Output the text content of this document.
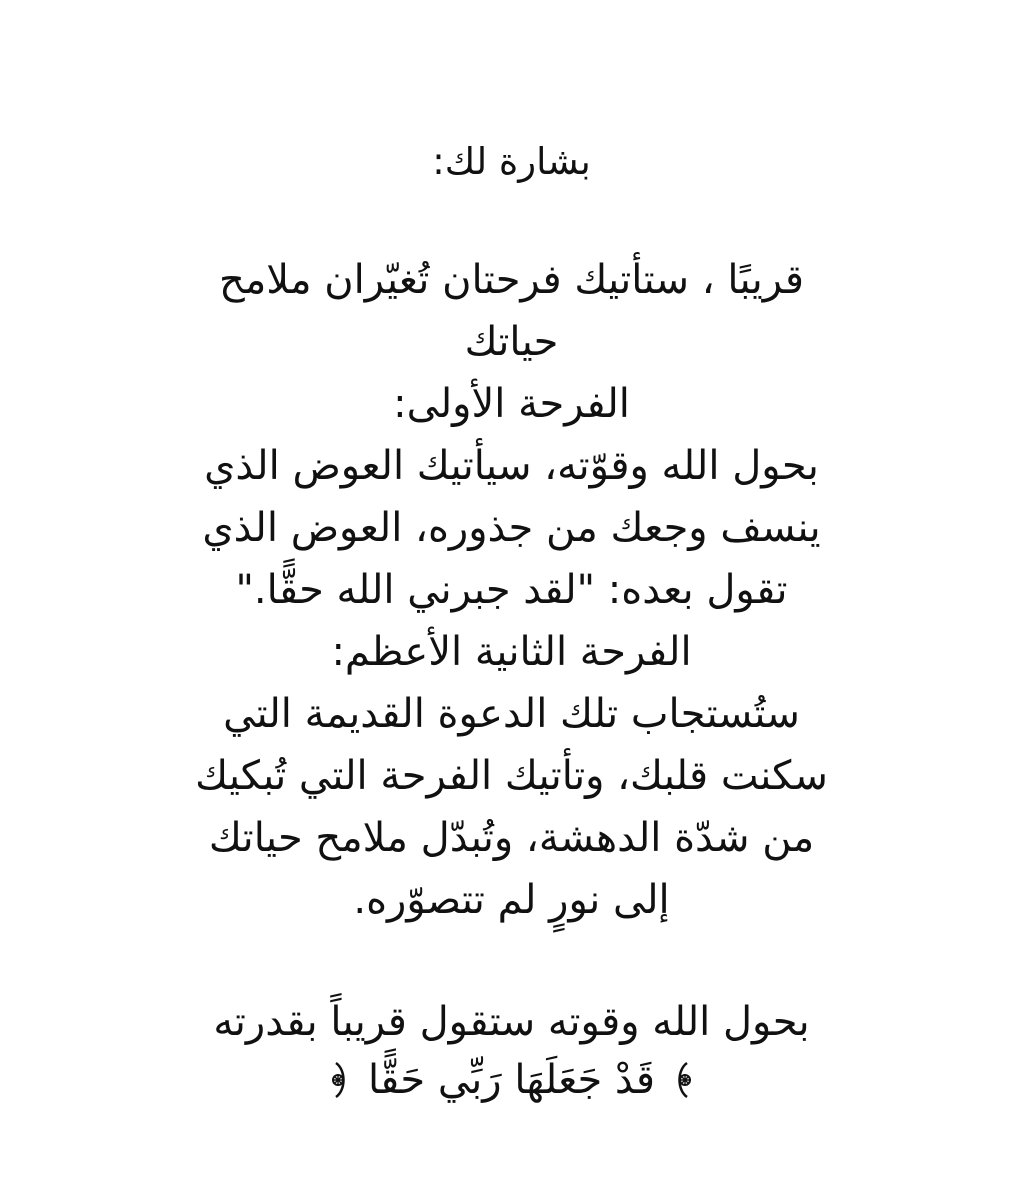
بشارة لك:
قريبًا ، ستأتيك فرحتان تُغيّران ملامح
حياتك
الفرحة الأولى:
بحول الله وقوّته، سيأتيك العوض الذي
ينسف وجعك من جذوره، العوض الذي
تقول بعده: "لقد جبرني الله حقًّا."
الفرحة الثانية الأعظم:
ستُستجاب تلك الدعوة القديمة التي
سكنت قلبك، وتأتيك الفرحة التي تُبكيك
من شدّة الدهشة، وتُبدّل ملامح حياتك
إلى نورٍ لم تتصوّره.
بحول الله وقوته ستقول قريباً بقدرته
قَدْ جَعَلَهَا رَبِّي حَقًّا
